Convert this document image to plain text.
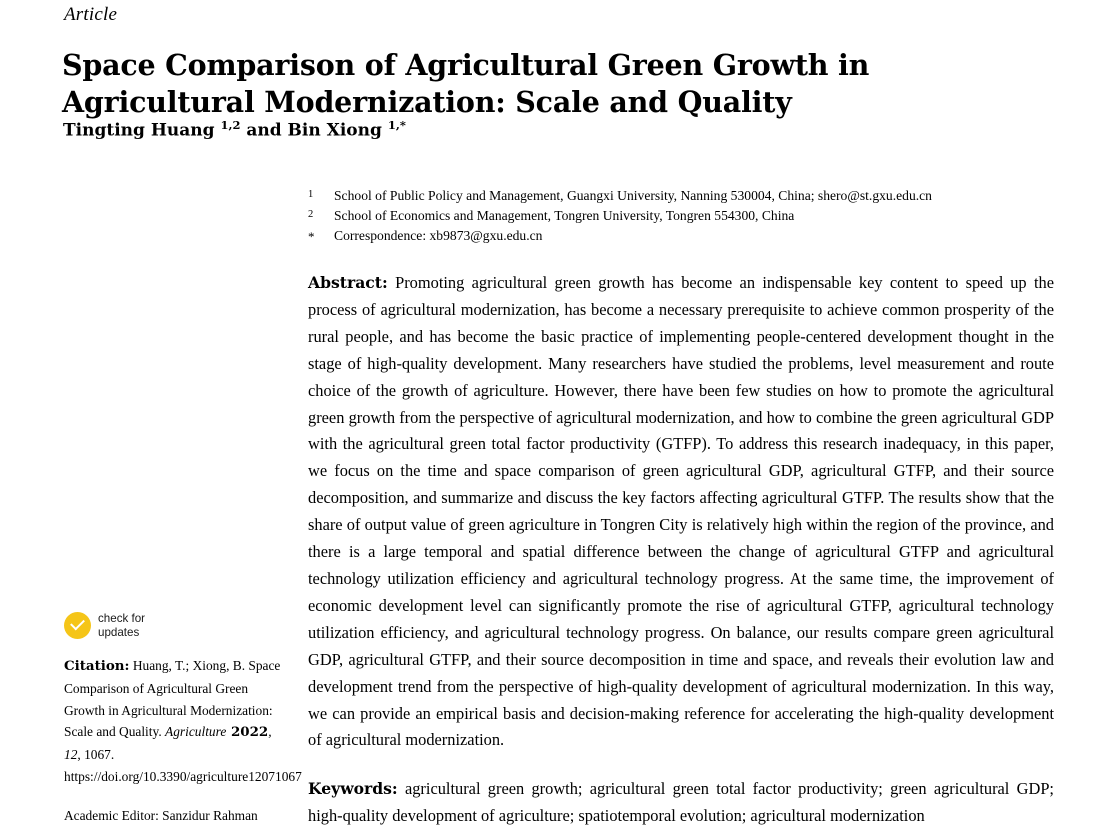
Article
Space Comparison of Agricultural Green Growth in Agricultural Modernization: Scale and Quality
Tingting Huang $^{1,2}$ and Bin Xiong $^{1,*}$
1	School of Public Policy and Management, Guangxi University, Nanning 530004, China; shero@st.gxu.edu.cn
2	School of Economics and Management, Tongren University, Tongren 554300, China
*	Correspondence: xb9873@gxu.edu.cn
Abstract: Promoting agricultural green growth has become an indispensable key content to speed up the process of agricultural modernization, has become a necessary prerequisite to achieve common prosperity of the rural people, and has become the basic practice of implementing people-centered development thought in the stage of high-quality development. Many researchers have studied the problems, level measurement and route choice of the growth of agriculture. However, there have been few studies on how to promote the agricultural green growth from the perspective of agricultural modernization, and how to combine the green agricultural GDP with the agricultural green total factor productivity (GTFP). To address this research inadequacy, in this paper, we focus on the time and space comparison of green agricultural GDP, agricultural GTFP, and their source decomposition, and summarize and discuss the key factors affecting agricultural GTFP. The results show that the share of output value of green agriculture in Tongren City is relatively high within the region of the province, and there is a large temporal and spatial difference between the change of agricultural GTFP and agricultural technology utilization efficiency and agricultural technology progress. At the same time, the improvement of economic development level can significantly promote the rise of agricultural GTFP, agricultural technology utilization efficiency, and agricultural technology progress. On balance, our results compare green agricultural GDP, agricultural GTFP, and their source decomposition in time and space, and reveals their evolution law and development trend from the perspective of high-quality development of agricultural modernization. In this way, we can provide an empirical basis and decision-making reference for accelerating the high-quality development of agricultural modernization.
Keywords: agricultural green growth; agricultural green total factor productivity; green agricultural GDP; high-quality development of agriculture; spatiotemporal evolution; agricultural modernization
check for
updates
Citation: Huang, T.; Xiong, B. Space Comparison of Agricultural Green Growth in Agricultural Modernization: Scale and Quality. Agriculture 2022, 12, 1067. https://doi.org/10.3390/agriculture12071067
Academic Editor: Sanzidur Rahman
